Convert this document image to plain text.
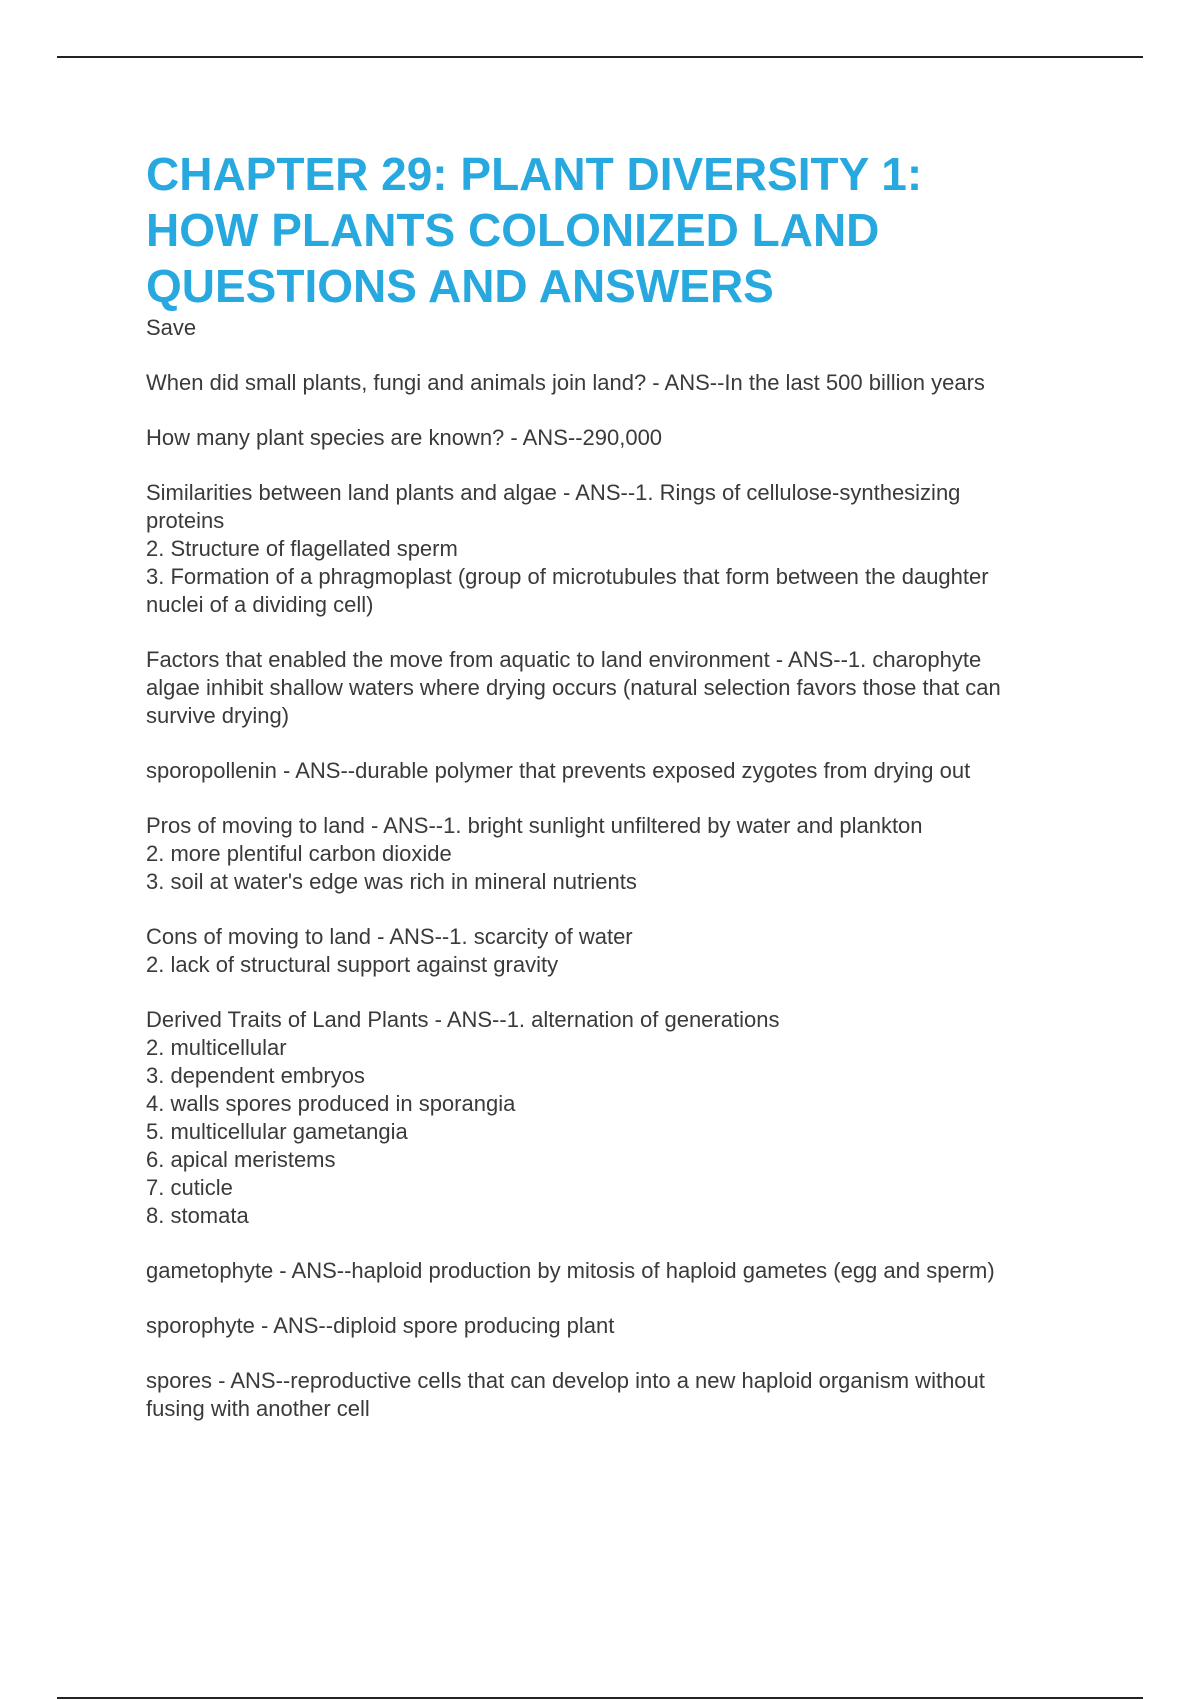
CHAPTER 29: PLANT DIVERSITY 1:
HOW PLANTS COLONIZED LAND
QUESTIONS AND ANSWERS

Save

When did small plants, fungi and animals join land? - ANS--In the last 500 billion years

How many plant species are known? - ANS--290,000

Similarities between land plants and algae - ANS--1. Rings of cellulose-synthesizing
proteins
2. Structure of flagellated sperm
3. Formation of a phragmoplast (group of microtubules that form between the daughter
nuclei of a dividing cell)

Factors that enabled the move from aquatic to land environment - ANS--1. charophyte
algae inhibit shallow waters where drying occurs (natural selection favors those that can
survive drying)

sporopollenin - ANS--durable polymer that prevents exposed zygotes from drying out

Pros of moving to land - ANS--1. bright sunlight unfiltered by water and plankton
2. more plentiful carbon dioxide
3. soil at water's edge was rich in mineral nutrients

Cons of moving to land - ANS--1. scarcity of water
2. lack of structural support against gravity

Derived Traits of Land Plants - ANS--1. alternation of generations
2. multicellular
3. dependent embryos
4. walls spores produced in sporangia
5. multicellular gametangia
6. apical meristems
7. cuticle
8. stomata

gametophyte - ANS--haploid production by mitosis of haploid gametes (egg and sperm)

sporophyte - ANS--diploid spore producing plant

spores - ANS--reproductive cells that can develop into a new haploid organism without
fusing with another cell
